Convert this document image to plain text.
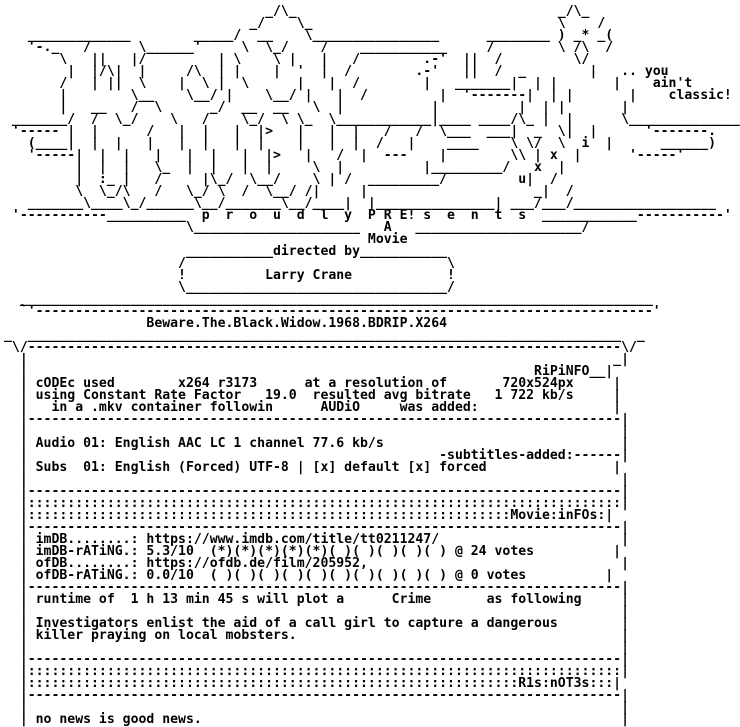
_/\_                                 _/\_
_/    \_                               \    /
_____________        _____/  __    \________________      ________ ) _* _(
'-._   /      \______'     \  \_/    /    ___________     /        \ /\  /
\   ||   |/         | \    \ |   |   /        .-'  ||  /         \/
|  |/\|  |     /\  | |    |  '  |  /        .-'   ||  /  _        |   .. you
/   | ||  \    |  \ |  \      |   |  /        |   _______|  | |       |    ain't
|        \__    \__/ |    \__/ |   |  /         |  '-------|  | |       |    classic!
|   __   /  \      _/  __  __   \  |           |          |  | |       |
_______/  /  \_/    \   /    \_/  \ \_  \____________|____ ____/\_ |  |      \______________
'----- |  |      /   |  |   |  |>   |   |  |   /   /  \___  ___|  _  \|  |      '-------.
(____|  |  |   |   |  |   |  |    |   |  |  /   |    ____    \ \/  \  i  |      ______)
'-----|  |  |   |   |  |   |  |>   |   /  |  ---    |        \\ | x  |      '-----'
|  |  |   \_  |  |   |  |     \  |          |_________/   x  |
|  :_ |   /     |\_/  \__/    \ | /  _________/         u|  /
\  \_/\   /   \_/ \  /  \__/ /|     |                     _|  /
_______\____\_/______\__/_______\__/____|  |_______________| ___/___/__________________
'-----------__________  p  r  o  u  d  l  y  P R E! s  e  n  t  s  ____________-----------'
\_____________________   A   _____________________/
Movie
___________directed by___________
/                                 \
!          Larry Crane            !
\_________________________________/
________________________________________________________________________________
`'------------------------------------------------------------------------------'
Beware.The.Black.Widow.1968.BDRIP.X264
_  ___________________________________________________________________________  _
\/---------------------------------------------------------------------------\/
|                                                                          _|
|                                                                RiPiNFO__|
| cODEc used        x264 r3173      at a resolution of       720x524px     |
| using Constant Rate Factor   19.0  resulted avg bitrate   1 722 kb/s     |
|   in a .mkv container followin      AUDiO     was added:                 |
|---------------------------------------------------------------------------|
|                                                                           |
| Audio 01: English AAC LC 1 channel 77.6 kb/s                              |
|                                                    -subtitles-added:------|
| Subs  01: English (Forced) UTF-8 | [x] default [x] forced                |
|                                                                           |
|---------------------------------------------------------------------------|
|:::::::::::::::::::::::::::::::::::::::::::::::::::::::::::::::::::::::::::|
|:::::::::::::::::::::::::::::::::::::::::::::::::::::::::::::Movie:inFOs:|
|---------------------------------------------------------------------------|
| imDB........: https://www.imdb.com/title/tt0211247/                       |
| imDB-rATiNG.: 5.3/10  (*)(*)(*)(*)(*)( )( )( )( )( ) @ 24 votes          |
| ofDB........: https://ofdb.de/film/205952,                                |
| ofDB-rATiNG.: 0.0/10  ( )( )( )( )( )( )( )( )( )( ) @ 0 votes          |
|---------------------------------------------------------------------------|
| runtime of  1 h 13 min 45 s will plot a      Crime       as following     |
|                                                                           |
| Investigators enlist the aid of a call girl to capture a dangerous        |
| killer praying on local mobsters.                                         |
|                                                                           |
|---------------------------------------------------------------------------|
|:::::::::::::::::::::::::::::::::::::::::::::::::::::::::::::::::::::::::::|
|::::::::::::::::::::::::::::::::::::::::::::::::::::::::::::::R1s:nOT3s:::|
|---------------------------------------------------------------------------|
|                                                                           |
| no news is good news.                                                     |
